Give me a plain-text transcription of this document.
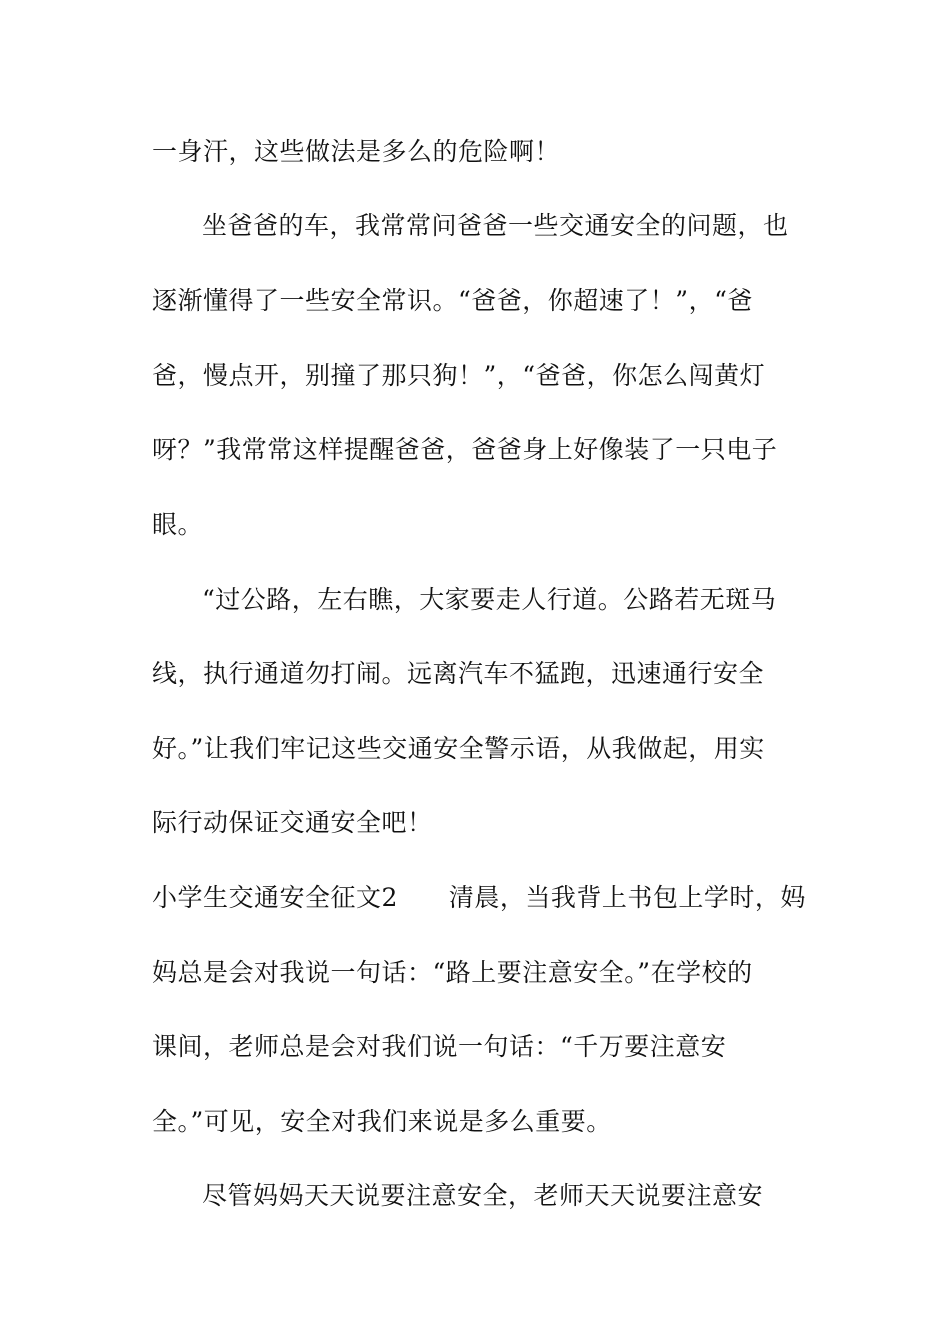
一身汗，这些做法是多么的危险啊！
坐爸爸的车，我常常问爸爸一些交通安全的问题，也
逐渐懂得了一些安全常识。“爸爸，你超速了！”，“爸
爸，慢点开，别撞了那只狗！”，“爸爸，你怎么闯黄灯
呀？”我常常这样提醒爸爸，爸爸身上好像装了一只电子
眼。
“过公路，左右瞧，大家要走人行道。公路若无斑马
线，执行通道勿打闹。远离汽车不猛跑，迅速通行安全
好。”让我们牢记这些交通安全警示语，从我做起，用实
际行动保证交通安全吧！
小学生交通安全征文2　　清晨，当我背上书包上学时，妈
妈总是会对我说一句话：“路上要注意安全。”在学校的
课间，老师总是会对我们说一句话：“千万要注意安
全。”可见，安全对我们来说是多么重要。
尽管妈妈天天说要注意安全，老师天天说要注意安
